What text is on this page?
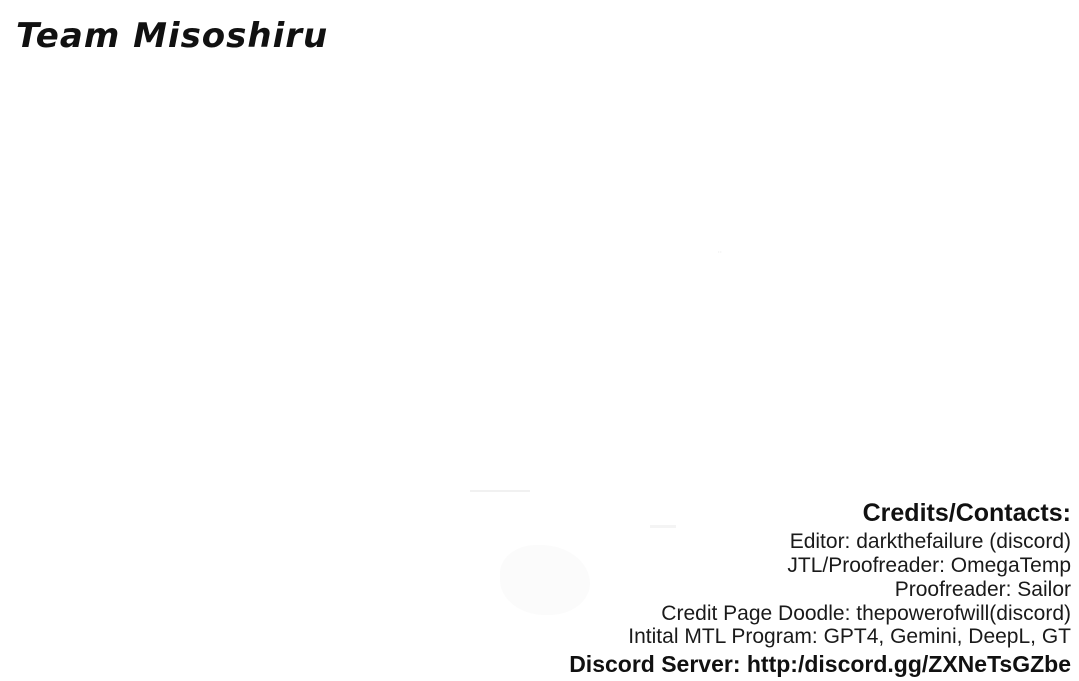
Team Misoshiru
¨
Credits/Contacts:
Editor: darkthefailure (discord)
JTL/Proofreader: OmegaTemp
Proofreader: Sailor
Credit Page Doodle: thepowerofwill(discord)
Intital MTL Program: GPT4, Gemini, DeepL, GT
Discord Server: http:/discord.gg/ZXNeTsGZbe
